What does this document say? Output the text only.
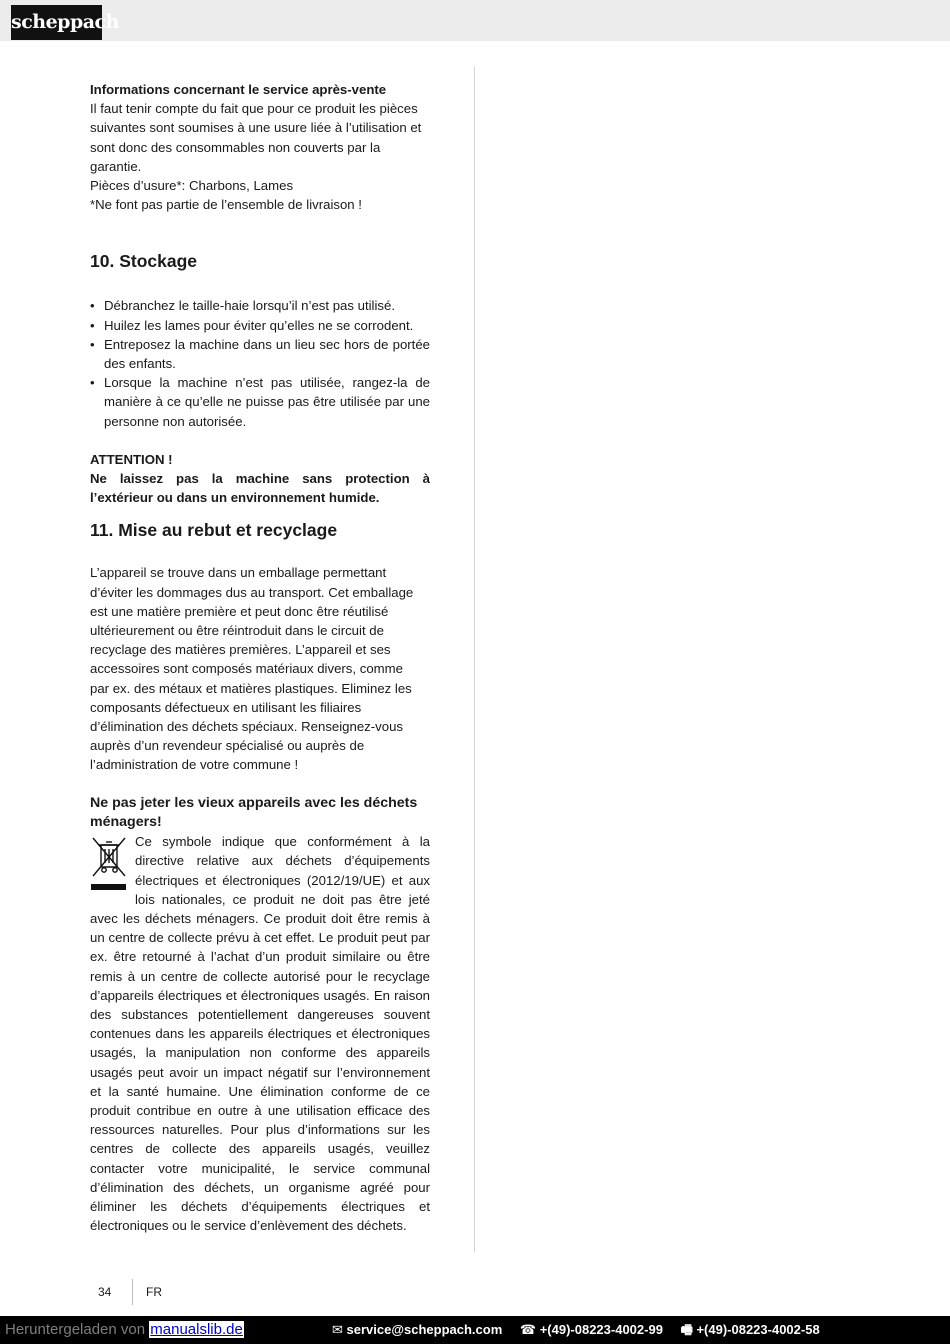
scheppach

Informations concernant le service après-vente

Il faut tenir compte du fait que pour ce produit les pièces suivantes sont soumises à une usure liée à l’utilisation et sont donc des consommables non couverts par la garantie.

Pièces d’usure*: Charbons, Lames

*Ne font pas partie de l’ensemble de livraison !

10. Stockage
• Débranchez le taille-haie lorsqu’il n’est pas utilisé.
• Huilez les lames pour éviter qu’elles ne se corrodent.
• Entreposez la machine dans un lieu sec hors de portée des enfants.
• Lorsque la machine n’est pas utilisée, rangez-la de manière à ce qu’elle ne puisse pas être utilisée par une personne non autorisée.

ATTENTION !

Ne laissez pas la machine sans protection à l’extérieur ou dans un environnement humide.

11. Mise au rebut et recyclage

L’appareil se trouve dans un emballage permettant d’éviter les dommages dus au transport. Cet emballage est une matière première et peut donc être réutilisé ultérieurement ou être réintroduit dans le circuit de recyclage des matières premières. L’appareil et ses accessoires sont composés matériaux divers, comme par ex. des métaux et matières plastiques. Eliminez les composants défectueux en utilisant les filiaires d’élimination des déchets spéciaux. Renseignez-vous auprès d’un revendeur spécialisé ou auprès de l’administration de votre commune !

Ne pas jeter les vieux appareils avec les déchets ménagers!

Ce symbole indique que conformément à la directive relative aux déchets d’équipements électriques et électroniques (2012/19/UE) et aux lois nationales, ce produit ne doit pas être jeté avec les déchets ménagers. Ce produit doit être remis à un centre de collecte prévu à cet effet. Le produit peut par ex. être retourné à l’achat d’un produit similaire ou être remis à un centre de collecte autorisé pour le recyclage d’appareils électriques et électroniques usagés. En raison des substances potentiellement dangereuses souvent contenues dans les appareils électriques et électroniques usagés, la manipulation non conforme des appareils usagés peut avoir un impact négatif sur l’environnement et la santé humaine. Une élimination conforme de ce produit contribue en outre à une utilisation efficace des ressources naturelles. Pour plus d’informations sur les centres de collecte des appareils usagés, veuillez contacter votre municipalité, le service communal d’élimination des déchets, un organisme agréé pour éliminer les déchets d’équipements électriques et électroniques ou le service d’enlèvement des déchets.
34	FR
Heruntergeladen von manualslib.de	✉ service@scheppach.com ☎ +(49)-08223-4002-99 🖷 +(49)-08223-4002-58
